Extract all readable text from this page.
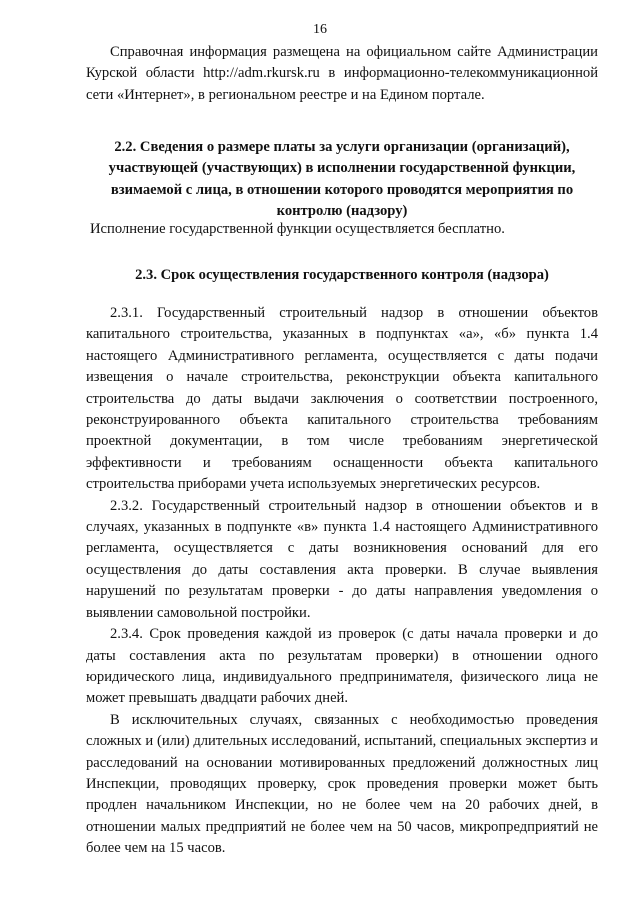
16
Справочная информация размещена на официальном сайте Администрации Курской области http://adm.rkursk.ru в информационно-телекоммуникационной сети «Интернет», в региональном реестре и на Едином портале.
2.2. Сведения о размере платы за услуги организации (организаций), участвующей (участвующих) в исполнении государственной функции, взимаемой с лица, в отношении которого проводятся мероприятия по контролю (надзору)
Исполнение государственной функции осуществляется бесплатно.
2.3. Срок осуществления государственного контроля (надзора)

2.3.1. Государственный строительный надзор в отношении объектов капитального строительства, указанных в подпунктах «а», «б» пункта 1.4 настоящего Административного регламента, осуществляется с даты подачи извещения о начале строительства, реконструкции объекта капитального строительства до даты выдачи заключения о соответствии построенного, реконструированного объекта капитального строительства требованиям проектной документации, в том числе требованиям энергетической эффективности и требованиям оснащенности объекта капитального строительства приборами учета используемых энергетических ресурсов.

2.3.2. Государственный строительный надзор в отношении объектов и в случаях, указанных в подпункте «в» пункта 1.4 настоящего Административного регламента, осуществляется с даты возникновения оснований для его осуществления до даты составления акта проверки. В случае выявления нарушений по результатам проверки - до даты направления уведомления о выявлении самовольной постройки.

2.3.4. Срок проведения каждой из проверок (с даты начала проверки и до даты составления акта по результатам проверки) в отношении одного юридического лица, индивидуального предпринимателя, физического лица не может превышать двадцати рабочих дней.

В исключительных случаях, связанных с необходимостью проведения сложных и (или) длительных исследований, испытаний, специальных экспертиз и расследований на основании мотивированных предложений должностных лиц Инспекции, проводящих проверку, срок проведения проверки может быть продлен начальником Инспекции, но не более чем на 20 рабочих дней, в отношении малых предприятий не более чем на 50 часов, микропредприятий не более чем на 15 часов.
